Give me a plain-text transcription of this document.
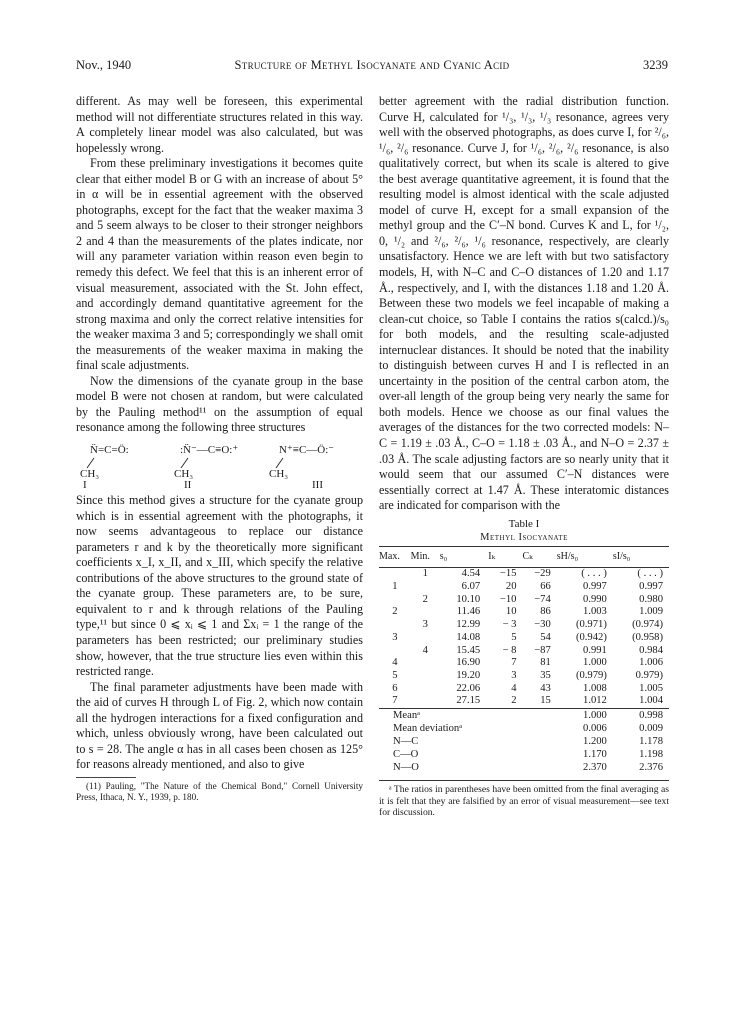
Nov., 1940	Structure of Methyl Isocyanate and Cyanic Acid	3239

different. As may well be foreseen, this experimental method will not differentiate structures related in this way. A completely linear model was also calculated, but was hopelessly wrong.

From these preliminary investigations it becomes quite clear that either model B or G with an increase of about 5° in α will be in essential agreement with the observed photographs, except for the fact that the weaker maxima 3 and 5 seem always to be closer to their stronger neighbors 2 and 4 than the measurements of the plates indicate, nor will any parameter variation within reason even begin to remedy this defect. We feel that this is an inherent error of visual measurement, associated with the St. John effect, and accordingly demand quantitative agreement for the strong maxima and only the correct relative intensities for the weaker maxima 3 and 5; correspondingly we shall omit the measurements of the weaker maxima in making the final scale adjustments.

Now the dimensions of the cyanate group in the base model B were not chosen at random, but were calculated by the Pauling method¹¹ on the assumption of equal resonance among the following three structures

N̈=C=Ö:
CH₃
I
:N̈⁻—C≡O:⁺
CH₃
II
N⁺≡C—Ö:⁻
CH₃
III

Since this method gives a structure for the cyanate group which is in essential agreement with the photographs, it now seems advantageous to replace our distance parameters r and k by the theoretically more significant coefficients x_I, x_II, and x_III, which specify the relative contributions of the above structures to the ground state of the cyanate group. These parameters are, to be sure, equivalent to r and k through relations of the Pauling type,¹¹ but since 0 ⩽ xᵢ ⩽ 1 and Σxᵢ = 1 the range of the parameters has been restricted; our preliminary studies show, however, that the true structure lies even within this restricted range.

The final parameter adjustments have been made with the aid of curves H through L of Fig. 2, which now contain all the hydrogen interactions for a fixed configuration and which, unless obviously wrong, have been calculated out to s = 28. The angle α has in all cases been chosen as 125° for reasons already mentioned, and also to give

(11) Pauling, "The Nature of the Chemical Bond," Cornell University Press, Ithaca, N. Y., 1939, p. 180.

better agreement with the radial distribution function. Curve H, calculated for ¹/₃, ¹/₃, ¹/₃ resonance, agrees very well with the observed photographs, as does curve I, for ²/₆, ¹/₆, ²/₆ resonance. Curve J, for ¹/₆, ²/₆, ²/₆ resonance, is also qualitatively correct, but when its scale is altered to give the best average quantitative agreement, it is found that the resulting model is almost identical with the scale adjusted model of curve H, except for a small expansion of the methyl group and the C′–N bond. Curves K and L, for ¹/₂, 0, ¹/₂ and ²/₆, ²/₆, ¹/₆ resonance, respectively, are clearly unsatisfactory. Hence we are left with but two satisfactory models, H, with N–C and C–O distances of 1.20 and 1.17 Å., respectively, and I, with the distances 1.18 and 1.20 Å. Between these two models we feel incapable of making a clean-cut choice, so Table I contains the ratios s(calcd.)/s₀ for both models, and the resulting scale-adjusted internuclear distances. It should be noted that the inability to distinguish between curves H and I is reflected in an uncertainty in the position of the central carbon atom, the over-all length of the group being very nearly the same for both models. Hence we choose as our final values the averages of the distances for the two corrected models: N–C = 1.19 ± .03 Å., C–O = 1.18 ± .03 Å., and N–O = 2.37 ± .03 Å. The scale adjusting factors are so nearly unity that it would seem that our assumed C′–N distances were essentially correct at 1.47 Å. These interatomic distances are indicated for comparison with the

Table I
Methyl Isocyanate
Max.	Min.	s₀	Iₖ	Cₖ	sH/s₀	sI/s₀
	1	4.54	−15	−29	( . . . )	( . . . )
1		6.07	20	66	0.997	0.997
	2	10.10	−10	−74	0.990	0.980
2		11.46	10	86	1.003	1.009
	3	12.99	− 3	−30	(0.971)	(0.974)
3		14.08	5	54	(0.942)	(0.958)
	4	15.45	− 8	−87	0.991	0.984
4		16.90	7	81	1.000	1.006
5		19.20	3	35	(0.979)	0.979)
6		22.06	4	43	1.008	1.005
7		27.15	2	15	1.012	1.004
Meanᵃ					1.000	0.998
Mean deviationᵃ					0.006	0.009
N—C					1.200	1.178
C—O					1.170	1.198
N—O					2.370	2.376

ᵃ The ratios in parentheses have been omitted from the final averaging as it is felt that they are falsified by an error of visual measurement—see text for discussion.
